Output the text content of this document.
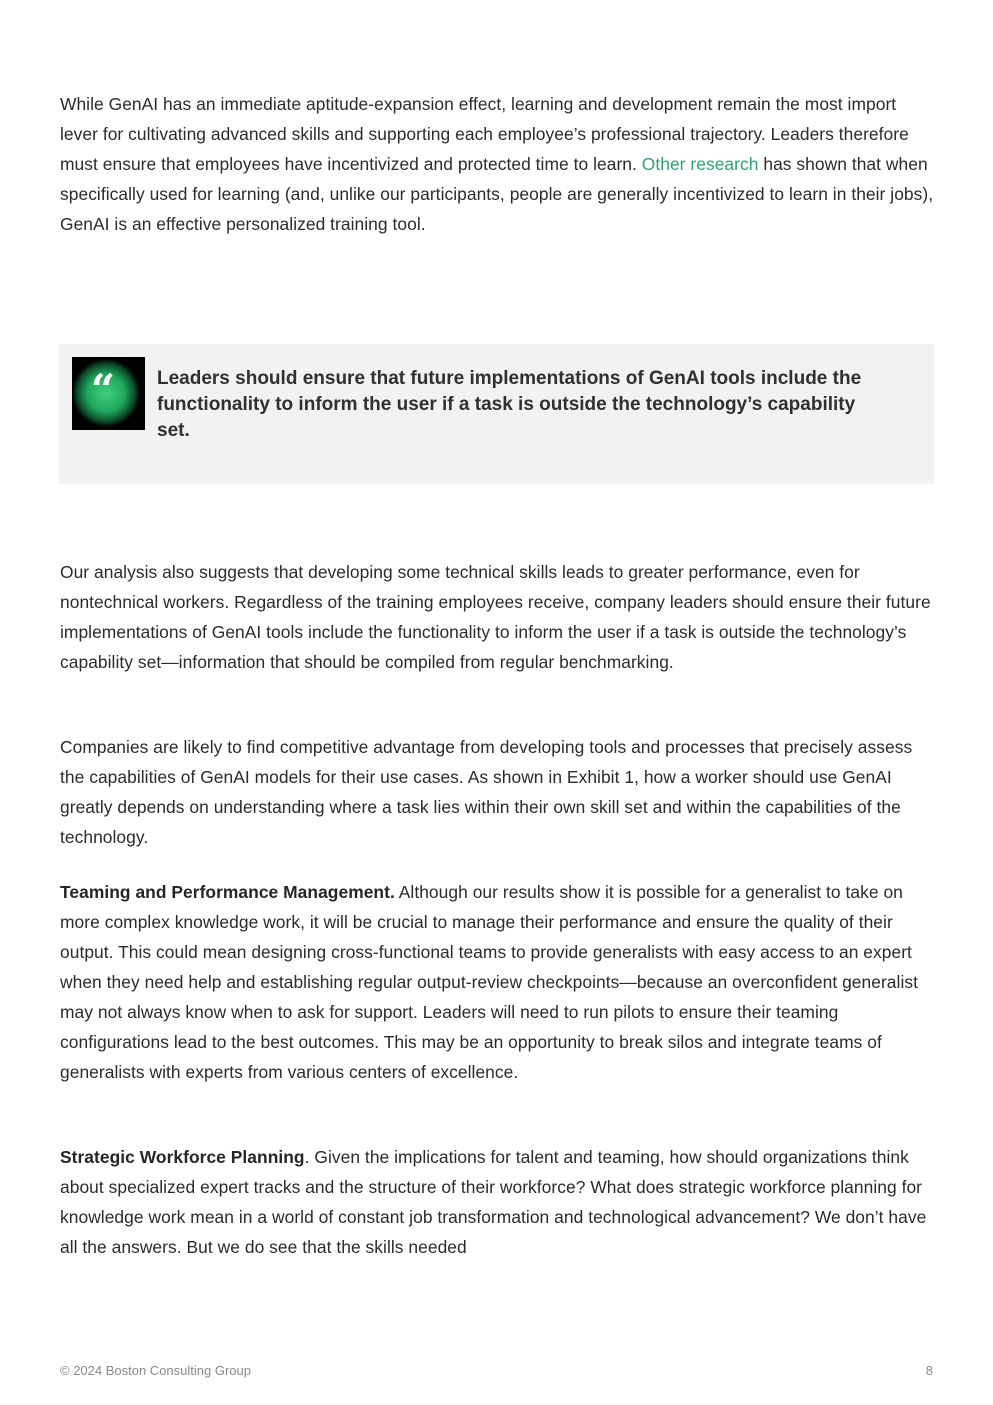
While GenAI has an immediate aptitude-expansion effect, learning and development remain the most import lever for cultivating advanced skills and supporting each employee’s professional trajectory. Leaders therefore must ensure that employees have incentivized and protected time to learn. Other research has shown that when specifically used for learning (and, unlike our participants, people are generally incentivized to learn in their jobs), GenAI is an effective personalized training tool.

Our analysis also suggests that developing some technical skills leads to greater performance, even for nontechnical workers. Regardless of the training employees receive, company leaders should ensure their future implementations of GenAI tools include the functionality to inform the user if a task is outside the technology’s capability set—information that should be compiled from regular benchmarking.

Companies are likely to find competitive advantage from developing tools and processes that precisely assess the capabilities of GenAI models for their use cases. As shown in Exhibit 1, how a worker should use GenAI greatly depends on understanding where a task lies within their own skill set and within the capabilities of the technology.

Teaming and Performance Management. Although our results show it is possible for a generalist to take on more complex knowledge work, it will be crucial to manage their performance and ensure the quality of their output. This could mean designing cross-functional teams to provide generalists with easy access to an expert when they need help and establishing regular output-review checkpoints—because an overconfident generalist may not always know when to ask for support. Leaders will need to run pilots to ensure their teaming configurations lead to the best outcomes. This may be an opportunity to break silos and integrate teams of generalists with experts from various centers of excellence.

Strategic Workforce Planning. Given the implications for talent and teaming, how should organizations think about specialized expert tracks and the structure of their workforce? What does strategic workforce planning for knowledge work mean in a world of constant job transformation and technological advancement? We don’t have all the answers. But we do see that the skills needed

“ Leaders should ensure that future implementations of GenAI tools include the functionality to inform the user if a task is outside the technology’s capability set.

© 2024 Boston Consulting Group	8
